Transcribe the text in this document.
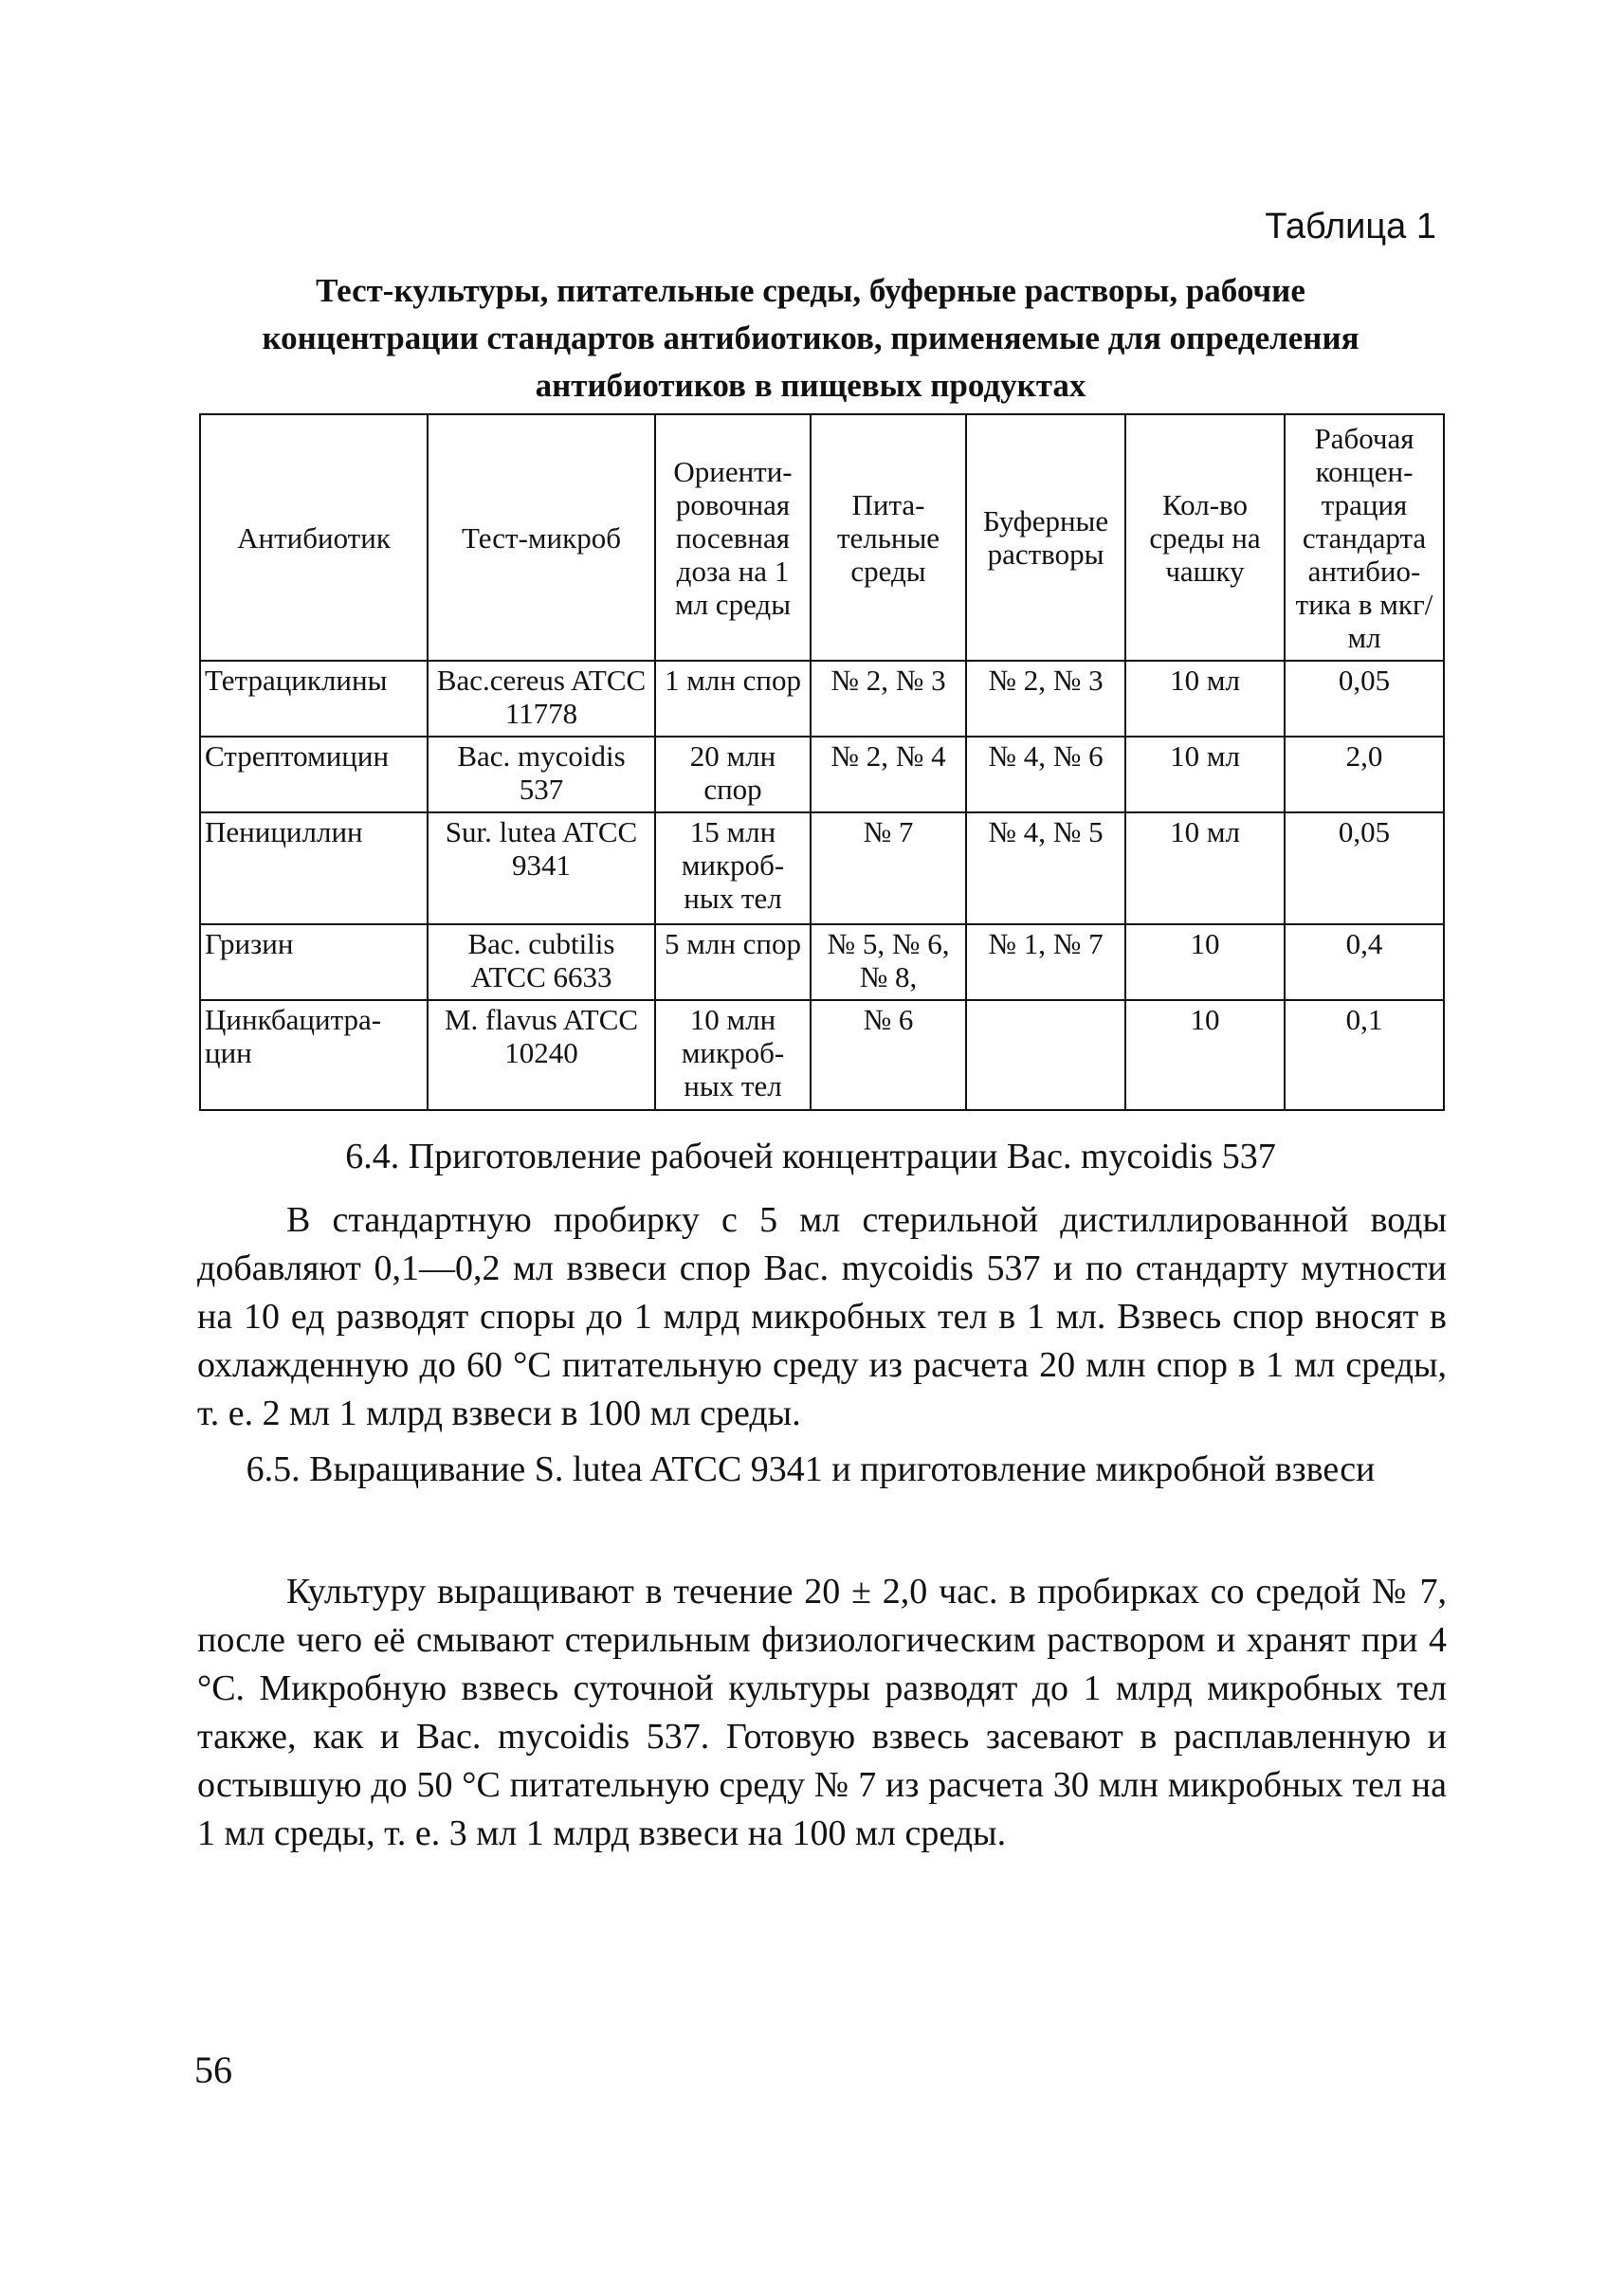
Таблица 1
Тест-культуры, питательные среды, буферные растворы, рабочие концентрации стандартов антибиотиков, применяемые для определения антибиотиков в пищевых продуктах
Антибиотик	Тест-микроб	Ориенти-ровочная посевная доза на 1 мл среды	Пита-тельные среды	Буферные растворы	Кол-во среды на чашку	Рабочая концен-трация стандарта антибио-тика в мкг/мл
Тетрациклины	Bac.cereus ATCC 11778	1 млн спор	№ 2, № 3	№ 2, № 3	10 мл	0,05
Стрептомицин	Bac. mycoidis 537	20 млн спор	№ 2, № 4	№ 4, № 6	10 мл	2,0
Пенициллин	Sur. lutea ATCC 9341	15 млн микроб-ных тел	№ 7	№ 4, № 5	10 мл	0,05
Гризин	Bac. cubtilis ATCC 6633	5 млн спор	№ 5, № 6, № 8,	№ 1, № 7	10	0,4
Цинкбацитра-цин	M. flavus ATCC 10240	10 млн микроб-ных тел	№ 6		10	0,1
6.4. Приготовление рабочей концентрации Bac. mycoidis 537

В стандартную пробирку с 5 мл стерильной дистиллированной воды добавляют 0,1—0,2 мл взвеси спор Bac. mycoidis 537 и по стандарту мутности на 10 ед разводят споры до 1 млрд микробных тел в 1 мл. Взвесь спор вносят в охлажденную до 60 °С питательную среду из расчета 20 млн спор в 1 мл среды, т. е. 2 мл 1 млрд взвеси в 100 мл среды.

6.5. Выращивание S. lutea ATCC 9341 и приготовление микробной взвеси

Культуру выращивают в течение 20 ± 2,0 час. в пробирках со средой № 7, после чего её смывают стерильным физиологическим раствором и хранят при 4 °С. Микробную взвесь суточной культуры разводят до 1 млрд микробных тел также, как и Bac. mycoidis 537. Готовую взвесь засевают в расплавленную и остывшую до 50 °С питательную среду № 7 из расчета 30 млн микробных тел на 1 мл среды, т. е. 3 мл 1 млрд взвеси на 100 мл среды.

56
